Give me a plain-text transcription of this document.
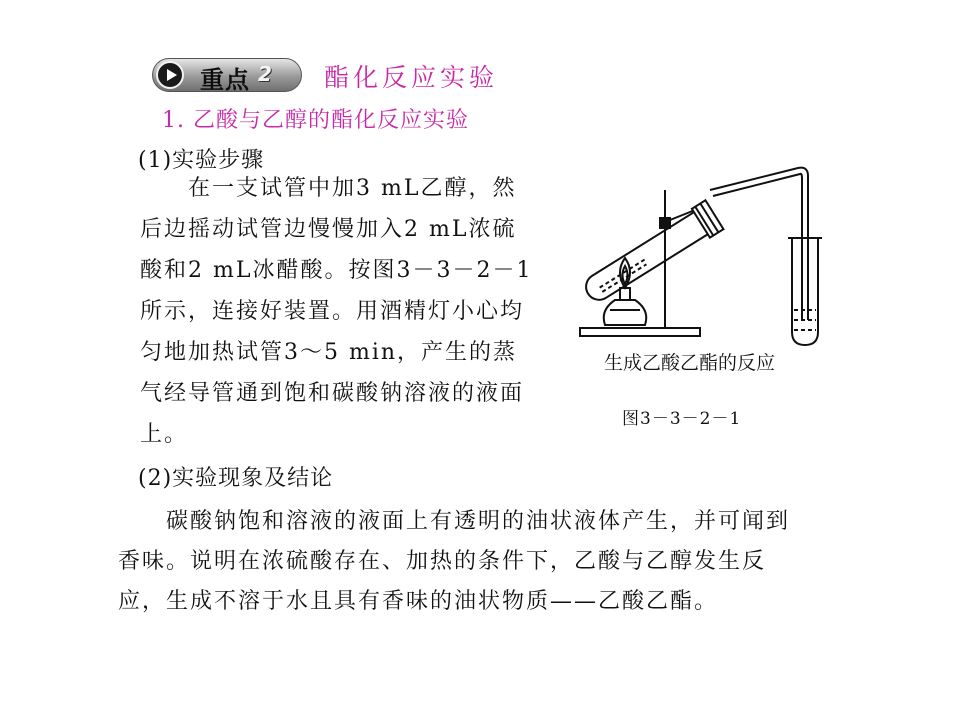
重点 2 酯化反应实验
1. 乙酸与乙醇的酯化反应实验
(1)实验步骤
在一支试管中加3 mL乙醇，然后边摇动试管边慢慢加入2 mL浓硫酸和2 mL冰醋酸。按图3－3－2－1所示，连接好装置。用酒精灯小心均匀地加热试管3～5 min，产生的蒸气经导管通到饱和碳酸钠溶液的液面上。
生成乙酸乙酯的反应
图3－3－2－1
(2)实验现象及结论
碳酸钠饱和溶液的液面上有透明的油状液体产生，并可闻到香味。说明在浓硫酸存在、加热的条件下，乙酸与乙醇发生反应，生成不溶于水且具有香味的油状物质——乙酸乙酯。
